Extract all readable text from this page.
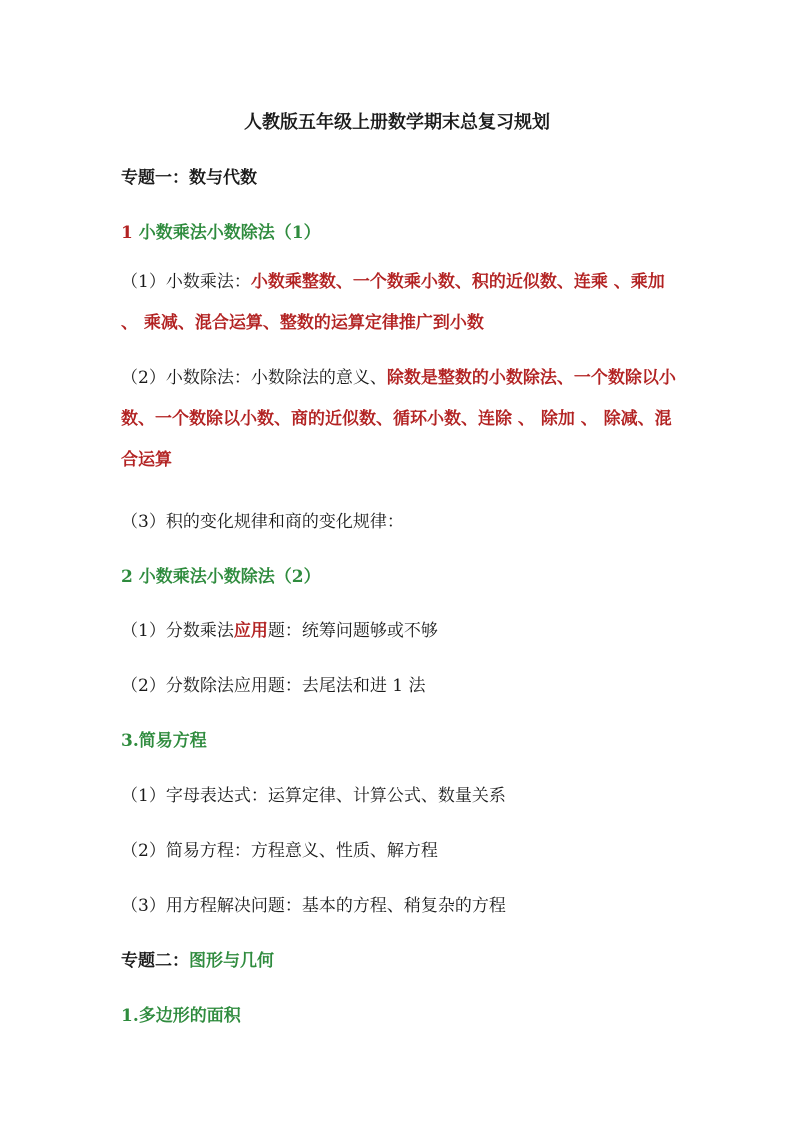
人教版五年级上册数学期末总复习规划
专题一：数与代数
1 小数乘法小数除法（1）
（1）小数乘法：小数乘整数、一个数乘小数、积的近似数、连乘 、乘加 、 乘减、混合运算、整数的运算定律推广到小数
（2）小数除法：小数除法的意义、除数是整数的小数除法、一个数除以小数、一个数除以小数、商的近似数、循环小数、连除 、 除加 、 除减、混合运算
（3）积的变化规律和商的变化规律：
2 小数乘法小数除法（2）
（1）分数乘法应用题：统筹问题够或不够
（2）分数除法应用题：去尾法和进 1 法
3.简易方程
（1）字母表达式：运算定律、计算公式、数量关系
（2）简易方程：方程意义、性质、解方程
（3）用方程解决问题：基本的方程、稍复杂的方程
专题二：图形与几何
1.多边形的面积
